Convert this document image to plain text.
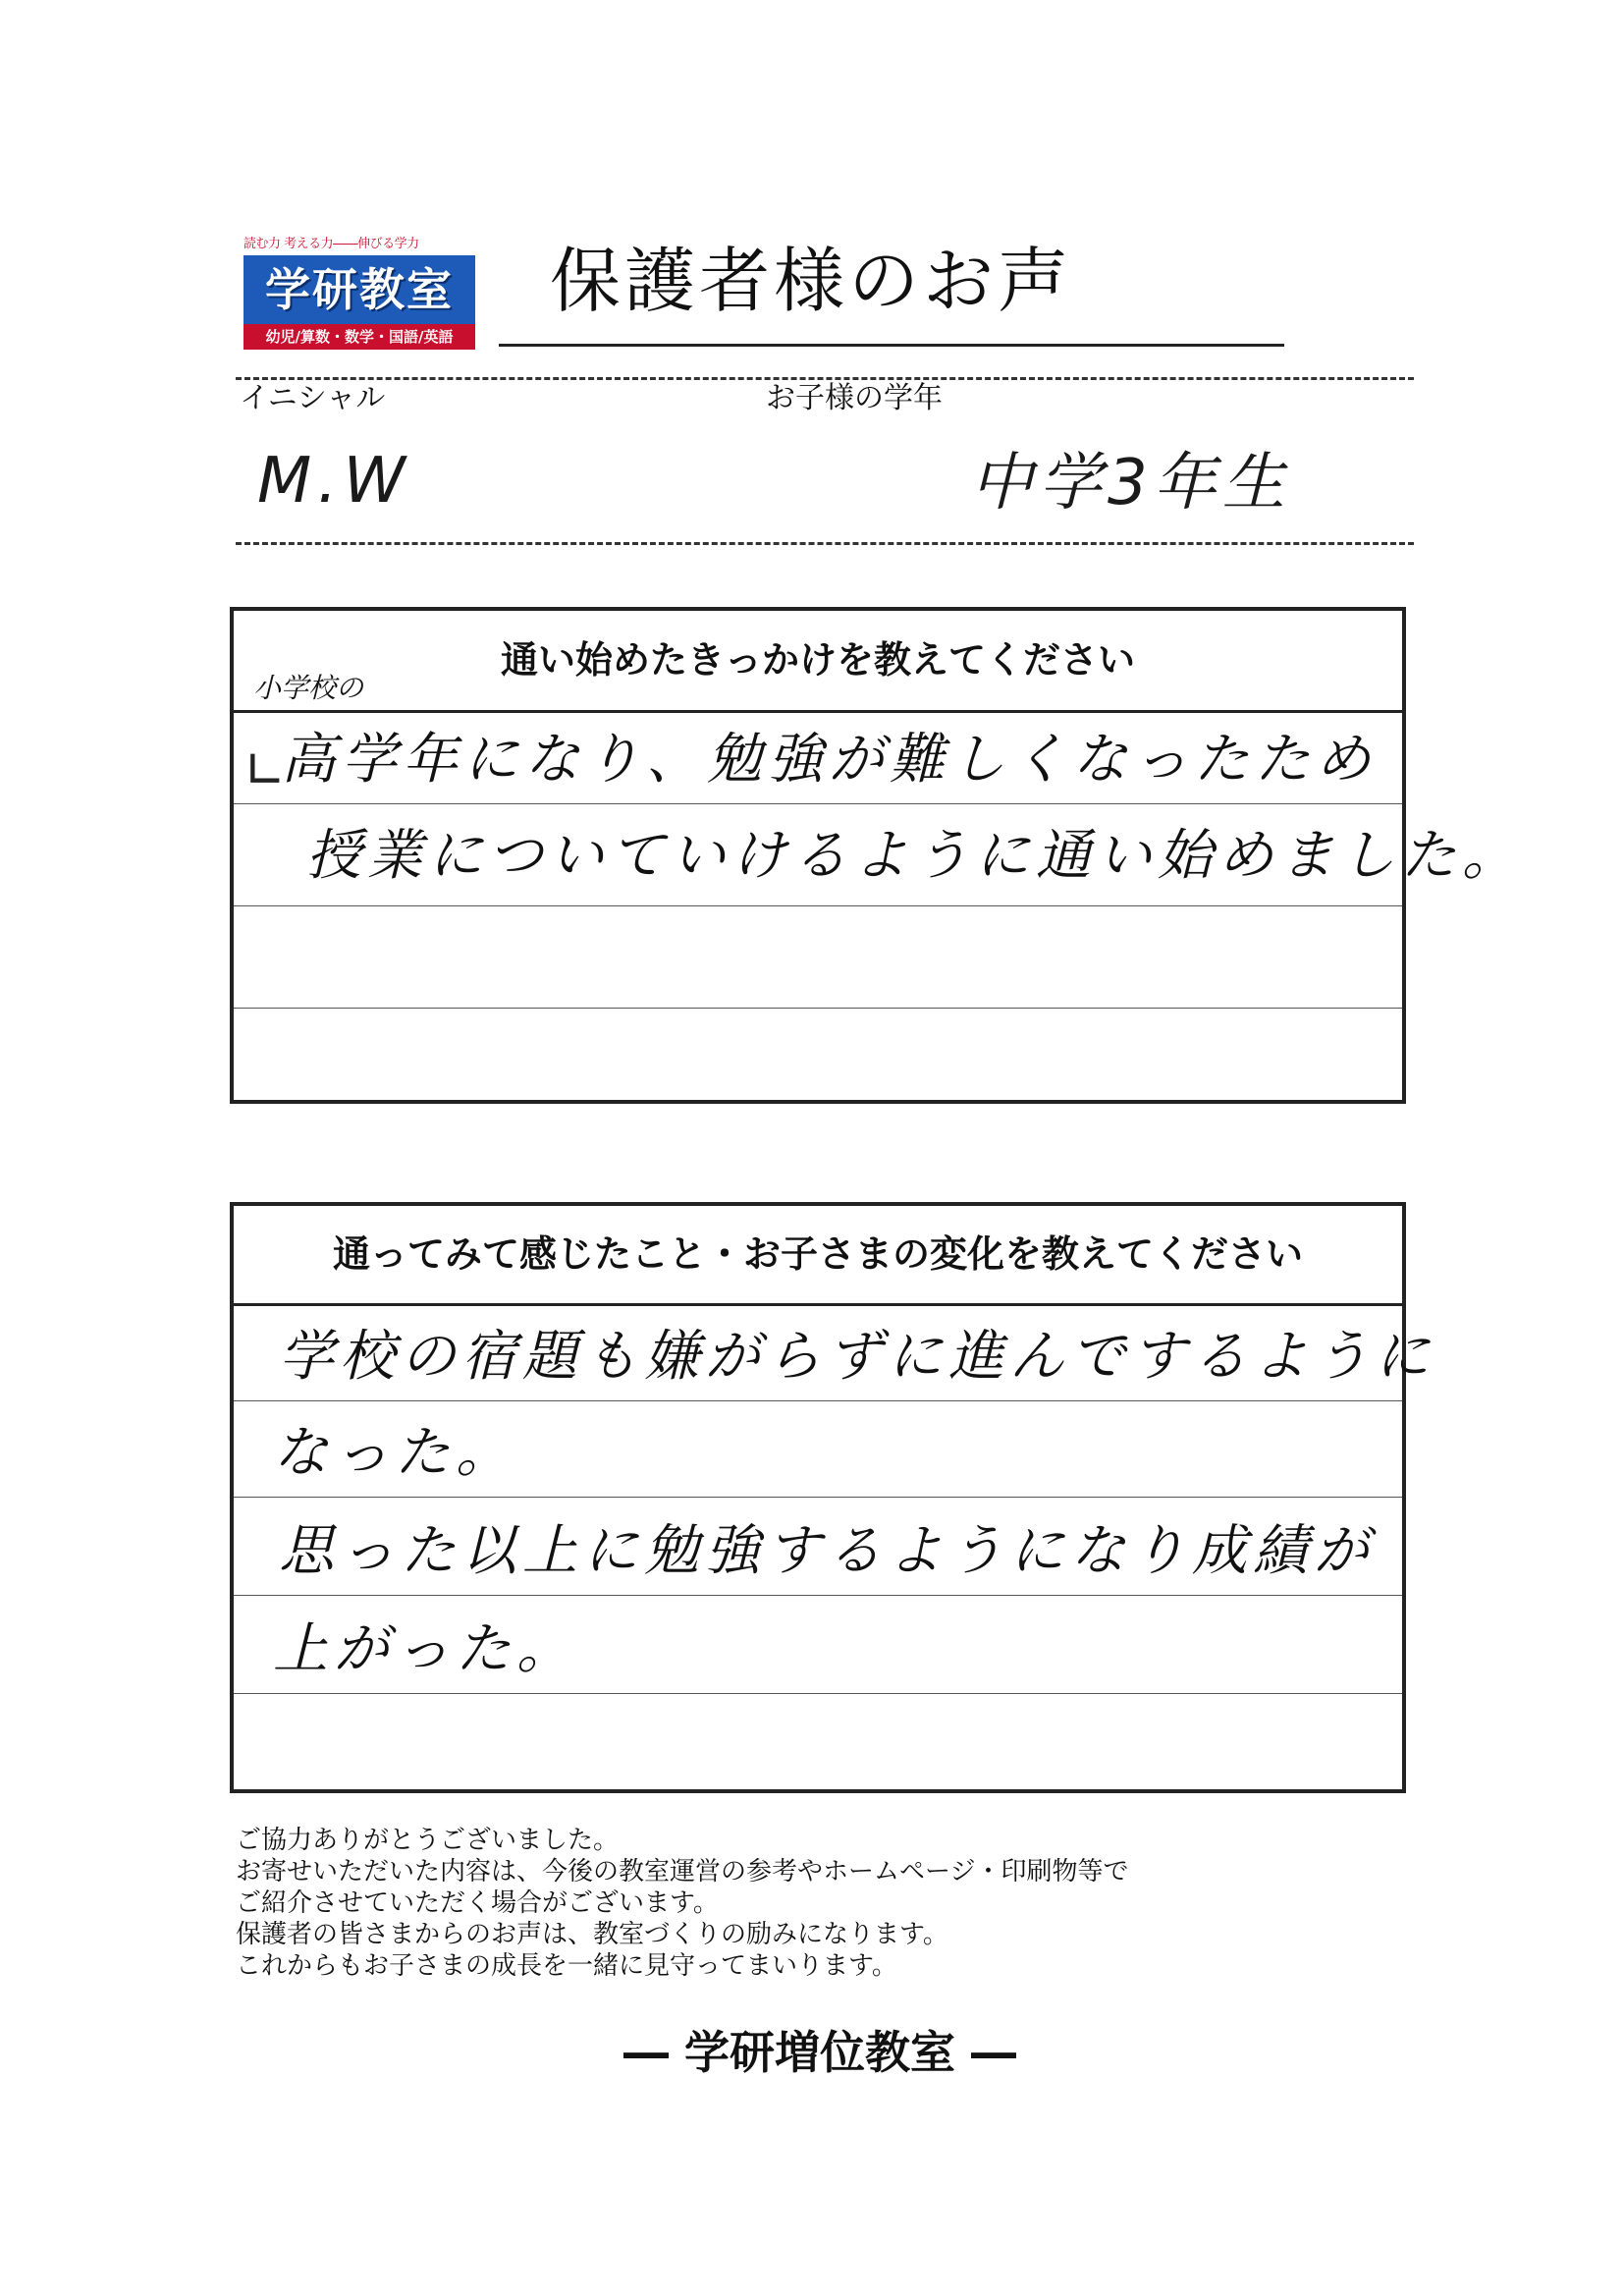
読む力 考える力――伸びる学力
学研教室
幼児/算数・数学・国語/英語
保護者様のお声
イニシャル	お子様の学年
M.W	中学3年生
通い始めたきっかけを教えてください
小学校の
高学年になり、勉強が難しくなったため
∟
授業についていけるように通い始めました。
通ってみて感じたこと・お子さまの変化を教えてください
学校の宿題も嫌がらずに進んでするように
なった。
思った以上に勉強するようになり成績が
上がった。
ご協力ありがとうございました。
お寄せいただいた内容は、今後の教室運営の参考やホームページ・印刷物等で
ご紹介させていただく場合がございます。
保護者の皆さまからのお声は、教室づくりの励みになります。
これからもお子さまの成長を一緒に見守ってまいります。
― 学研増位教室 ―
